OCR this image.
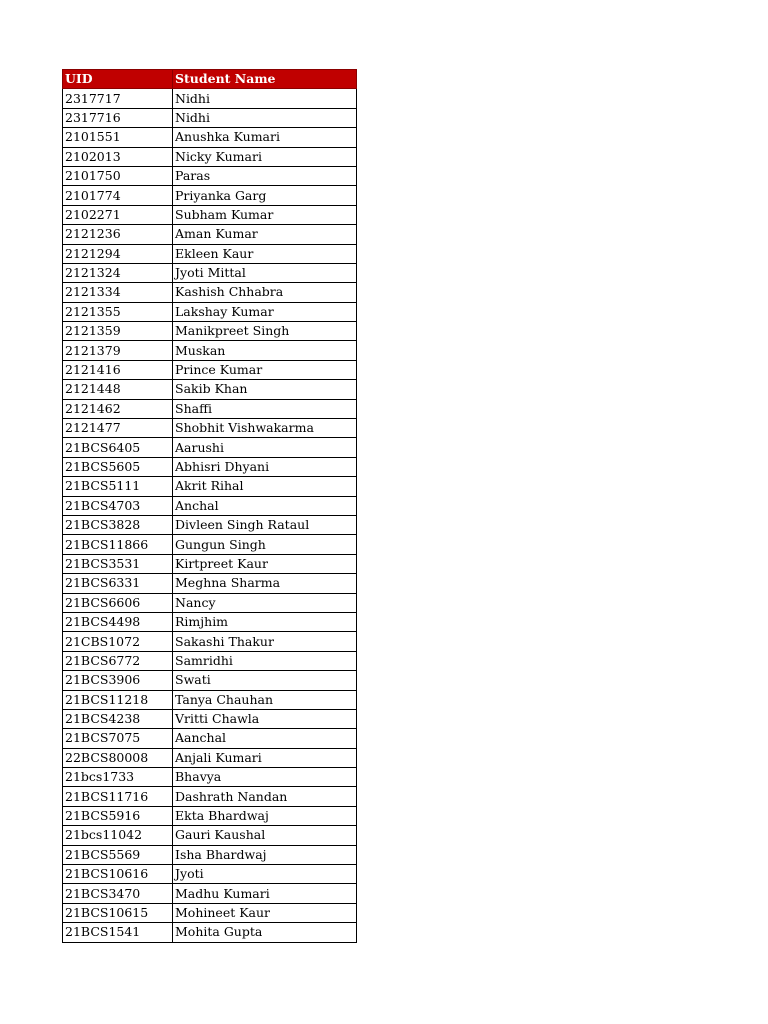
UID	Student Name
2317717	Nidhi
2317716	Nidhi
2101551	Anushka Kumari
2102013	Nicky Kumari
2101750	Paras
2101774	Priyanka Garg
2102271	Subham Kumar
2121236	Aman Kumar
2121294	Ekleen Kaur
2121324	Jyoti Mittal
2121334	Kashish Chhabra
2121355	Lakshay Kumar
2121359	Manikpreet Singh
2121379	Muskan
2121416	Prince Kumar
2121448	Sakib Khan
2121462	Shaffi
2121477	Shobhit Vishwakarma
21BCS6405	Aarushi
21BCS5605	Abhisri Dhyani
21BCS5111	Akrit Rihal
21BCS4703	Anchal
21BCS3828	Divleen Singh Rataul
21BCS11866	Gungun Singh
21BCS3531	Kirtpreet Kaur
21BCS6331	Meghna Sharma
21BCS6606	Nancy
21BCS4498	Rimjhim
21CBS1072	Sakashi Thakur
21BCS6772	Samridhi
21BCS3906	Swati
21BCS11218	Tanya Chauhan
21BCS4238	Vritti Chawla
21BCS7075	Aanchal
22BCS80008	Anjali Kumari
21bcs1733	Bhavya
21BCS11716	Dashrath Nandan
21BCS5916	Ekta Bhardwaj
21bcs11042	Gauri Kaushal
21BCS5569	Isha Bhardwaj
21BCS10616	Jyoti
21BCS3470	Madhu Kumari
21BCS10615	Mohineet Kaur
21BCS1541	Mohita Gupta
